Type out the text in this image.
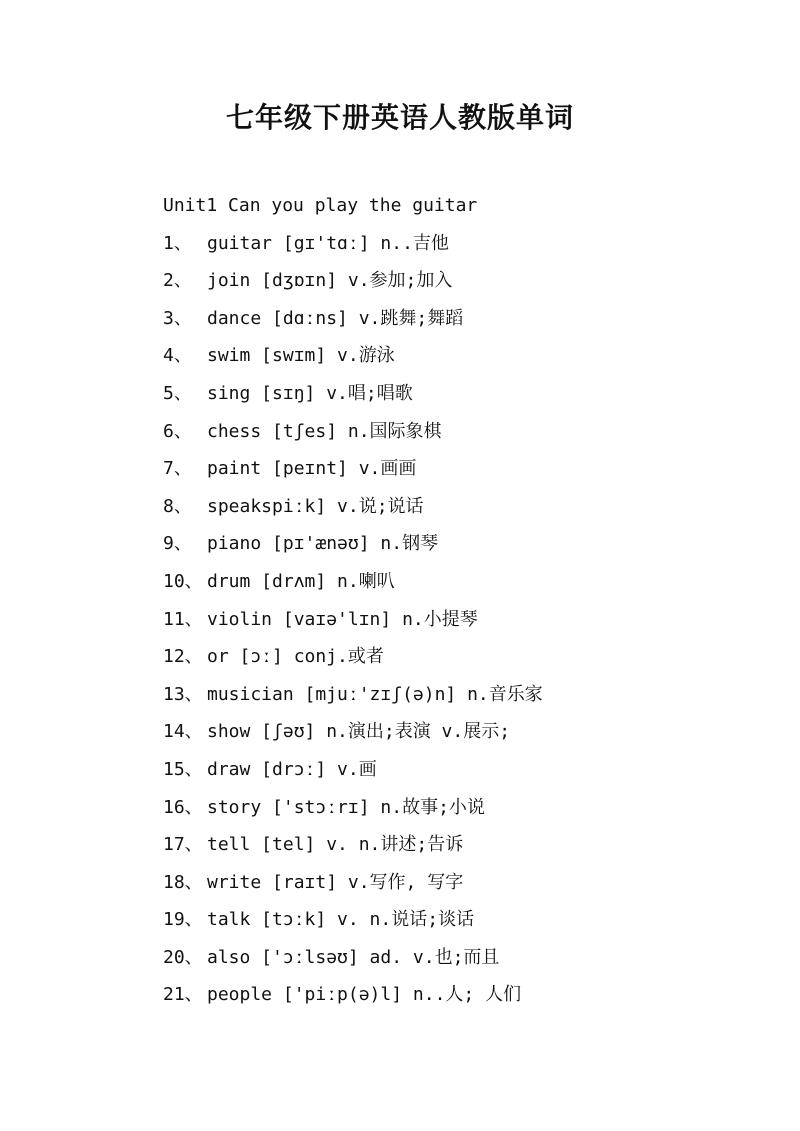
七年级下册英语人教版单词
Unit1 Can you play the guitar
1、 guitar [gɪ'tɑː] n..吉他
2、 join [dʒɒɪn] v.参加;加入
3、 dance [dɑːns] v.跳舞;舞蹈
4、 swim [swɪm] v.游泳
5、 sing [sɪŋ] v.唱;唱歌
6、 chess [tʃes] n.国际象棋
7、 paint [peɪnt] v.画画
8、 speakspiːk] v.说;说话
9、 piano [pɪ'ænəʊ] n.钢琴
10、 drum [drʌm] n.喇叭
11、 violin [vaɪə'lɪn] n.小提琴
12、 or [ɔː] conj.或者
13、 musician [mjuː'zɪʃ(ə)n] n.音乐家
14、 show [ʃəʊ] n.演出;表演 v.展示;
15、 draw [drɔː] v.画
16、 story ['stɔːrɪ] n.故事;小说
17、 tell [tel] v. n.讲述;告诉
18、 write [raɪt] v.写作, 写字
19、 talk [tɔːk] v. n.说话;谈话
20、 also ['ɔːlsəʊ] ad. v.也;而且
21、 people ['piːp(ə)l] n..人; 人们
